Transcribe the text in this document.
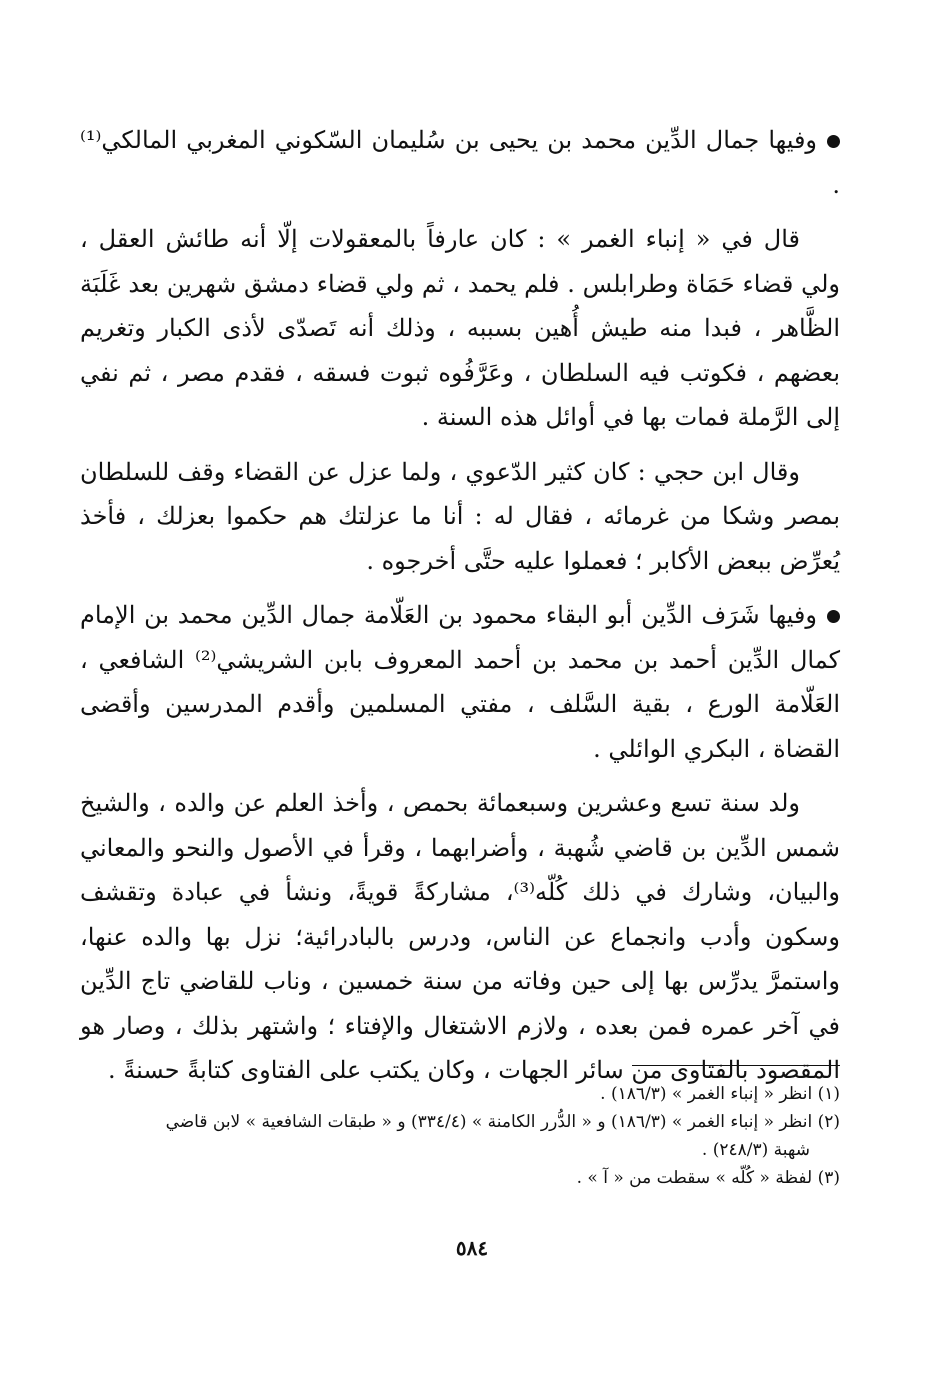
وفيها جمال الدِّين محمد بن يحيى بن سُليمان السّكوني المغربي المالكي⁽¹⁾ .

قال في « إنباء الغمر » : كان عارفاً بالمعقولات إلّا أنه طائش العقل ، ولي قضاء حَمَاة وطرابلس . فلم يحمد ، ثم ولي قضاء دمشق شهرين بعد غَلَبَة الظَّاهر ، فبدا منه طيش أُهين بسببه ، وذلك أنه تَصدّى لأذى الكبار وتغريم بعضهم ، فكوتب فيه السلطان ، وعَرَّفُوه ثبوت فسقه ، فقدم مصر ، ثم نفي إلى الرَّملة فمات بها في أوائل هذه السنة .

وقال ابن حجي : كان كثير الدّعوي ، ولما عزل عن القضاء وقف للسلطان بمصر وشكا من غرمائه ، فقال له : أنا ما عزلتك هم حكموا بعزلك ، فأخذ يُعرِّض ببعض الأكابر ؛ فعملوا عليه حتَّى أخرجوه .

وفيها شَرَف الدِّين أبو البقاء محمود بن العَلّامة جمال الدِّين محمد بن الإمام كمال الدِّين أحمد بن محمد بن أحمد المعروف بابن الشريشي⁽²⁾ الشافعي ، العَلّامة الورع ، بقية السَّلف ، مفتي المسلمين وأقدم المدرسين وأقضى القضاة ، البكري الوائلي .

ولد سنة تسع وعشرين وسبعمائة بحمص ، وأخذ العلم عن والده ، والشيخ شمس الدِّين بن قاضي شُهبة ، وأضرابهما ، وقرأ في الأصول والنحو والمعاني والبيان، وشارك في ذلك كُلّه⁽³⁾، مشاركةً قويةً، ونشأ في عبادة وتقشف وسكون وأدب وانجماع عن الناس، ودرس بالبادرائية؛ نزل بها والده عنها، واستمرَّ يدرِّس بها إلى حين وفاته من سنة خمسين ، وناب للقاضي تاج الدِّين في آخر عمره فمن بعده ، ولازم الاشتغال والإفتاء ؛ واشتهر بذلك ، وصار هو المقصود بالفتاوى من سائر الجهات ، وكان يكتب على الفتاوى كتابةً حسنةً .

(١) انظر « إنباء الغمر » (١٨٦/٣) .

(٢) انظر « إنباء الغمر » (١٨٦/٣) و « الدُّرر الكامنة » (٣٣٤/٤) و « طبقات الشافعية » لابن قاضي

شهبة (٢٤٨/٣) .

(٣) لفظة « كُلّه » سقطت من « آ » .

٥٨٤
